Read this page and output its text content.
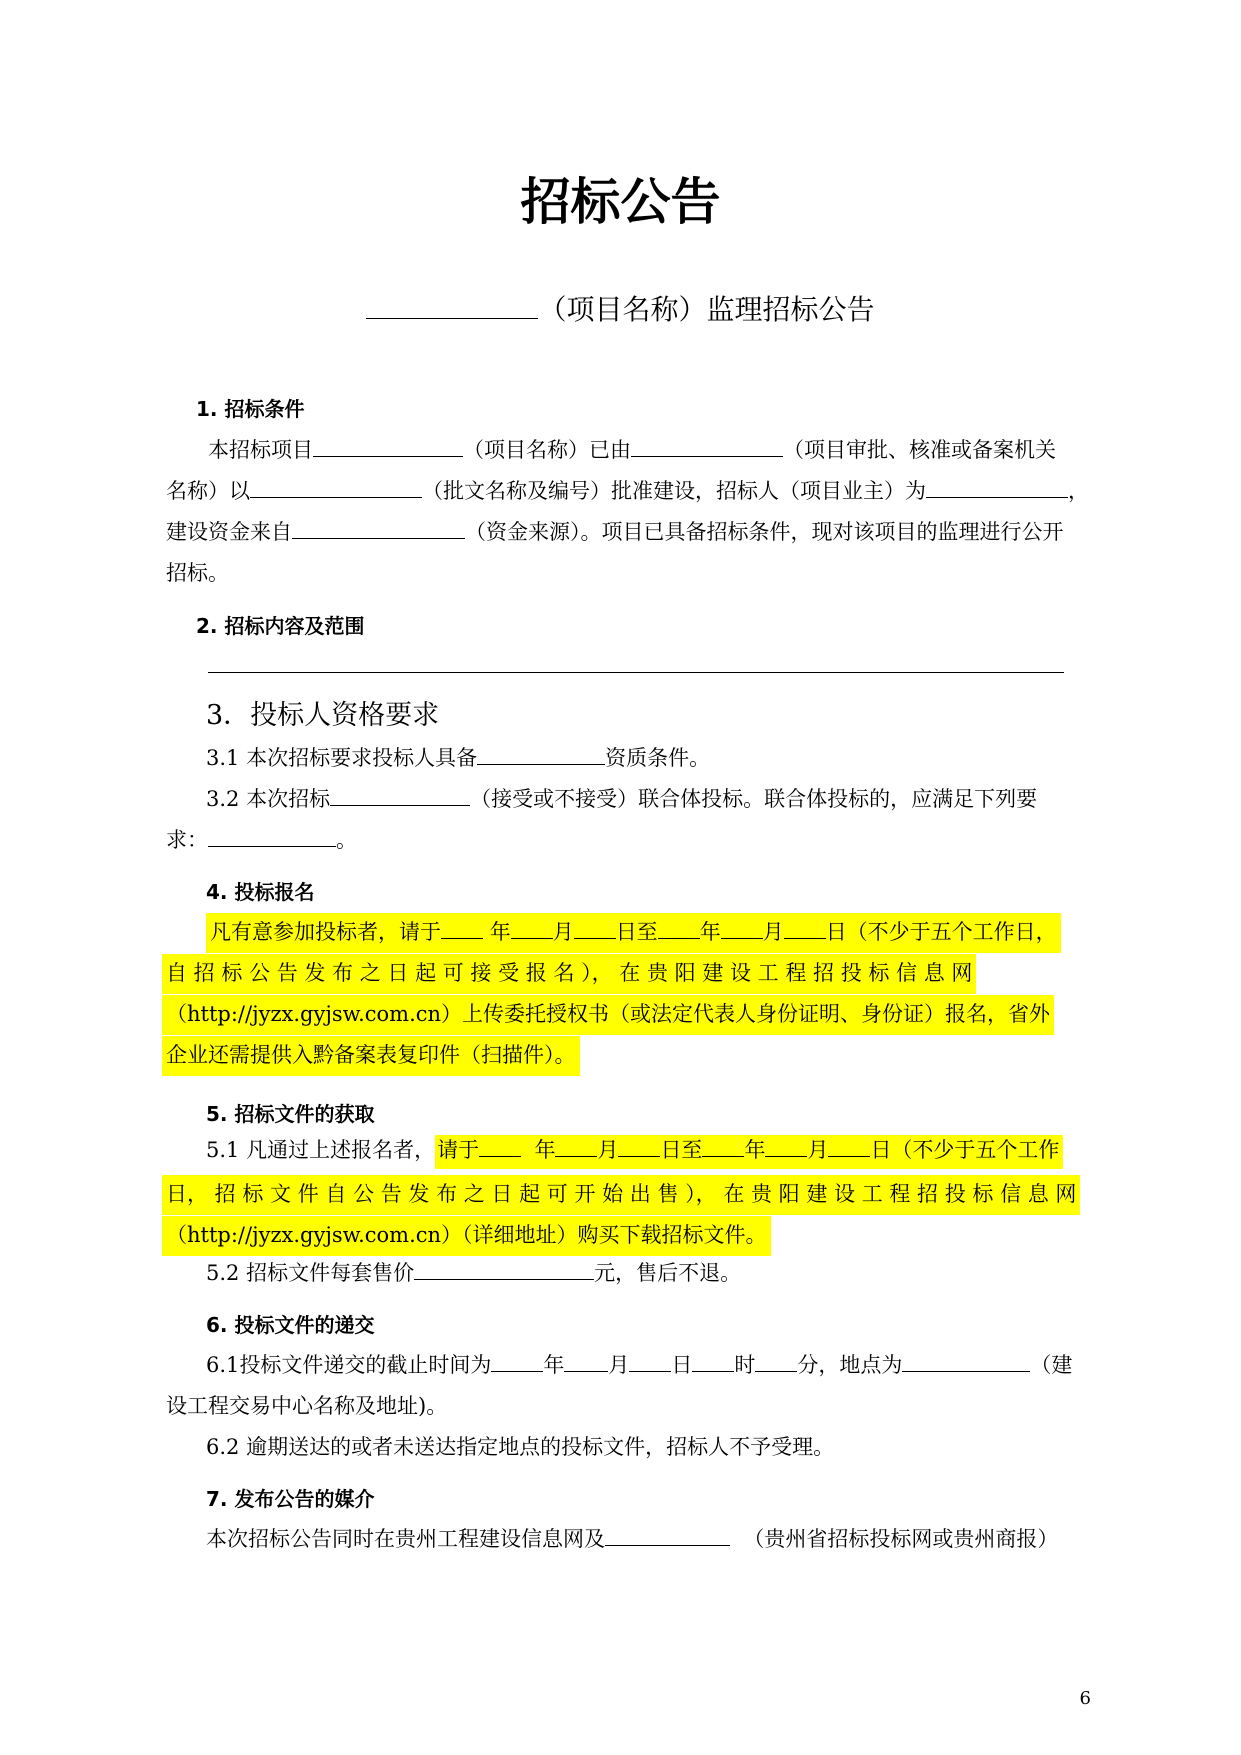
招标公告
（项目名称）监理招标公告
1. 招标条件
本招标项目	（项目名称）已由	（项目审批、核准或备案机关
名称）以	（批文名称及编号）批准建设，招标人（项目业主）为	，
建设资金来自	（资金来源）。项目已具备招标条件，现对该项目的监理进行公开
招标。
2. 招标内容及范围
3．投标人资格要求
3.1 本次招标要求投标人具备	资质条件。
3.2 本次招标	（接受或不接受）联合体投标。联合体投标的，应满足下列要
求：	。
4. 投标报名
凡有意参加投标者，请于 年 月 日至 年 月 日（不少于五个工作日，
自 招 标 公 告 发 布 之 日 起 可 接 受 报 名 ）， 在 贵 阳 建 设 工 程 招 投 标 信 息 网
（http://jyzx.gyjsw.com.cn）上传委托授权书（或法定代表人身份证明、身份证）报名，省外
企业还需提供入黔备案表复印件（扫描件）。
5. 招标文件的获取
5.1 凡通过上述报名者，请于	年 月 日至 年 月 日（不少于五个工作
日， 招 标 文 件 自 公 告 发 布 之 日 起 可 开 始 出 售 ）， 在 贵 阳 建 设 工 程 招 投 标 信 息 网
（http://jyzx.gyjsw.com.cn）（详细地址）购买下载招标文件。
5.2 招标文件每套售价	元，售后不退。
6. 投标文件的递交
6.1投标文件递交的截止时间为 年 月 日 时 分，地点为	（建
设工程交易中心名称及地址)。
6.2 逾期送达的或者未送达指定地点的投标文件，招标人不予受理。
7. 发布公告的媒介
本次招标公告同时在贵州工程建设信息网及	（贵州省招标投标网或贵州商报）
6
